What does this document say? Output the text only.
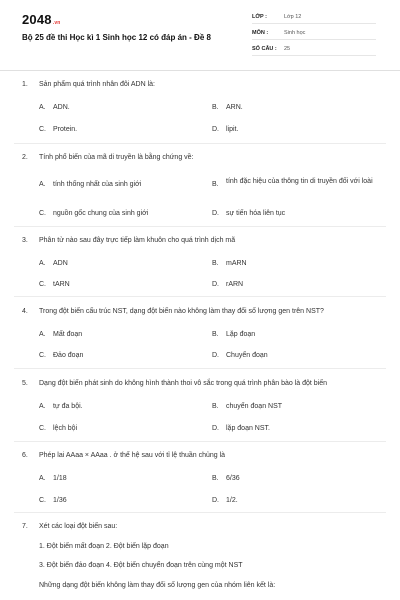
2048.vn
Bộ 25 đề thi Học kì 1 Sinh học 12 có đáp án - Đề 8
LỚP :	Lớp 12
MÔN :	Sinh học
SỐ CÂU : 25
1. Sản phẩm quá trình nhân đôi ADN là:
A. ADN.	B. ARN.
C. Protein.	D. lipit.
2. Tính phổ biến của mã di truyền là bằng chứng về:
A. tính thống nhất của sinh giới	B. tính đặc hiệu của thông tin di truyền đối với loài
C. nguồn gốc chung của sinh giới	D. sự tiến hóa liên tục
3. Phân tử nào sau đây trực tiếp làm khuôn cho quá trình dịch mã
A. ADN	B. mARN
C. tARN	D. rARN
4. Trong đột biến cấu trúc NST, dạng đột biến nào không làm thay đổi số lượng gen trên NST?
A. Mất đoạn	B. Lặp đoạn
C. Đảo đoạn	D. Chuyển đoạn
5. Dạng đột biến phát sinh do không hình thành thoi vô sắc trong quá trình phân bào là đột biến
A. tự đa bội.	B. chuyển đoạn NST
C. lệch bội	D. lặp đoạn NST.
6. Phép lai AAaa × AAaa . ở thế hệ sau với tỉ lệ thuần chủng là
A. 1/18	B. 6/36
C. 1/36	D. 1/2.
7. Xét các loại đột biến sau:
1. Đột biến mất đoạn 2. Đột biến lặp đoạn
3. Đột biến đảo đoạn 4. Đột biến chuyển đoạn trên cùng một NST
Những dạng đột biến không làm thay đổi số lượng gen của nhóm liên kết là:
